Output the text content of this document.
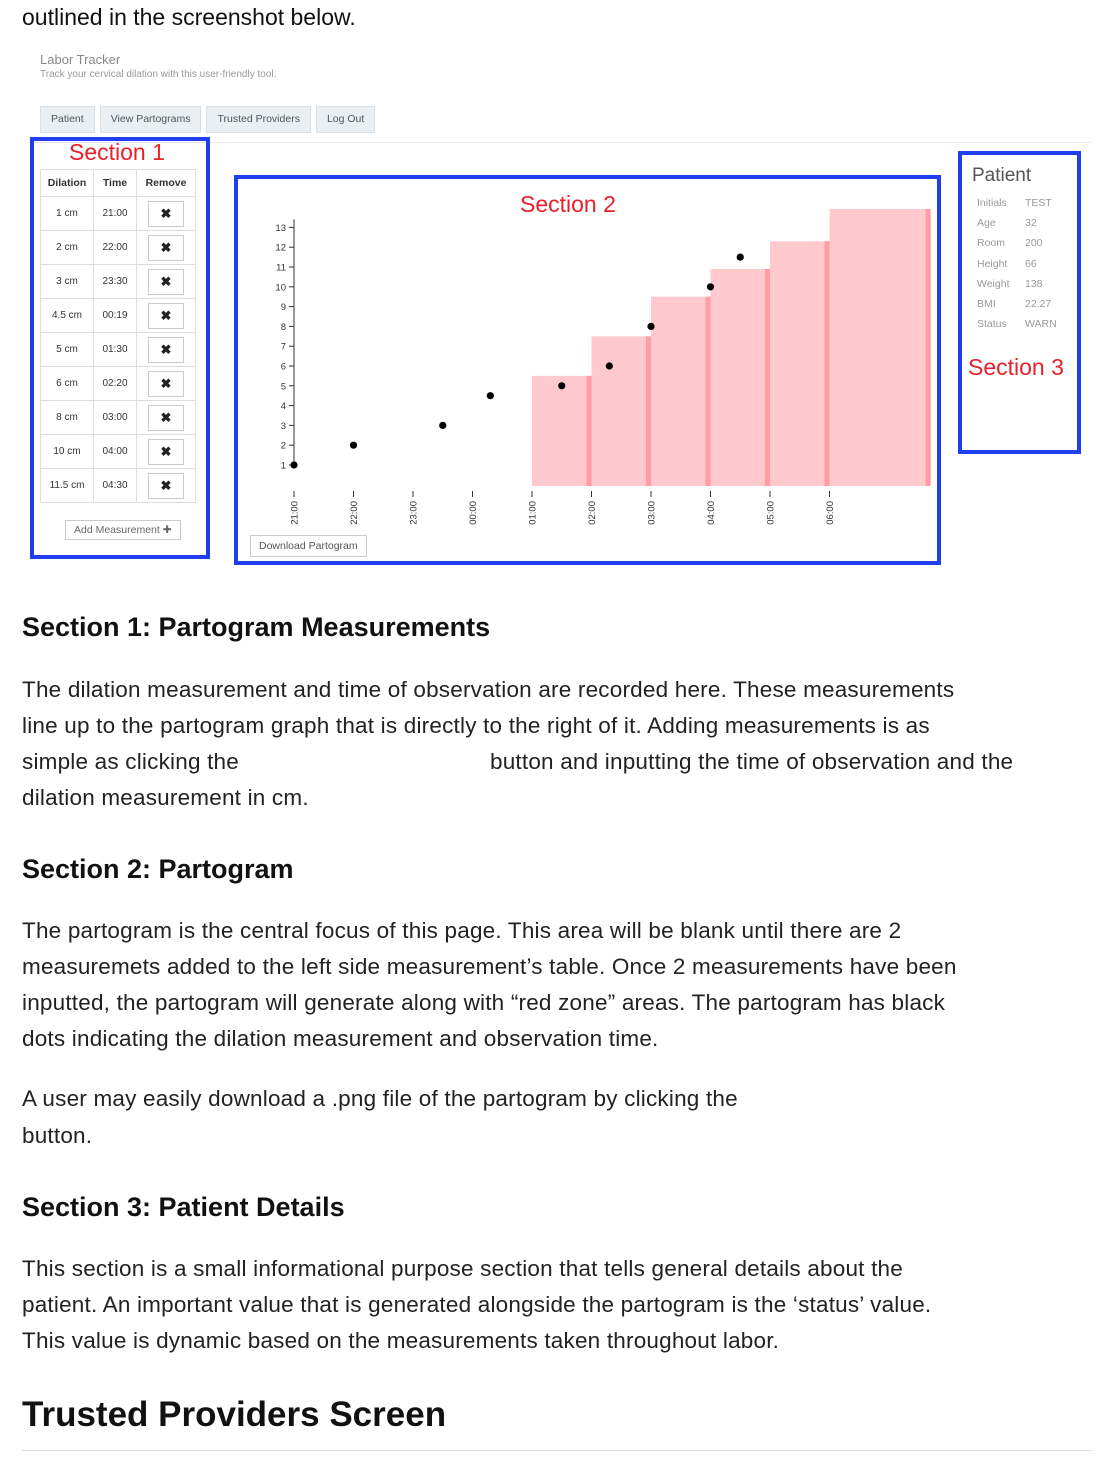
outlined in the screenshot below.
Labor Tracker
Track your cervical dilation with this user-friendly tool.
Patient	View Partograms	Trusted Providers	Log Out
Section 1
Dilation	Time	Remove
1 cm	21:00	✖
2 cm	22:00	✖
3 cm	23:30	✖
4.5 cm	00:19	✖
5 cm	01:30	✖
6 cm	02:20	✖
8 cm	03:00	✖
10 cm	04:00	✖
11.5 cm	04:30	✖
Add Measurement ✚
1
2
3
4
5
6
7
8
9
10
11
12
13
21:00	22:00	23:00	00:00	01:00	02:00	03:00	04:00	05:00	06:00
Section 2
Download Partogram
Patient
Initials TEST
Age	32
Room 200
Height 66
Weight 138
BMI	22.27
Status WARN
Section 3
Section 1: Partogram Measurements

The dilation measurement and time of observation are recorded here. These measurements

line up to the partogram graph that is directly to the right of it. Adding measurements is as

simple as clicking the	button and inputting the time of observation and the

dilation measurement in cm.

Section 2: Partogram

The partogram is the central focus of this page. This area will be blank until there are 2

measuremets added to the left side measurement’s table. Once 2 measurements have been

inputted, the partogram will generate along with “red zone” areas. The partogram has black

dots indicating the dilation measurement and observation time.

A user may easily download a .png file of the partogram by clicking the

button.

Section 3: Patient Details

This section is a small informational purpose section that tells general details about the

patient. An important value that is generated alongside the partogram is the ‘status’ value.

This value is dynamic based on the measurements taken throughout labor.

Trusted Providers Screen
